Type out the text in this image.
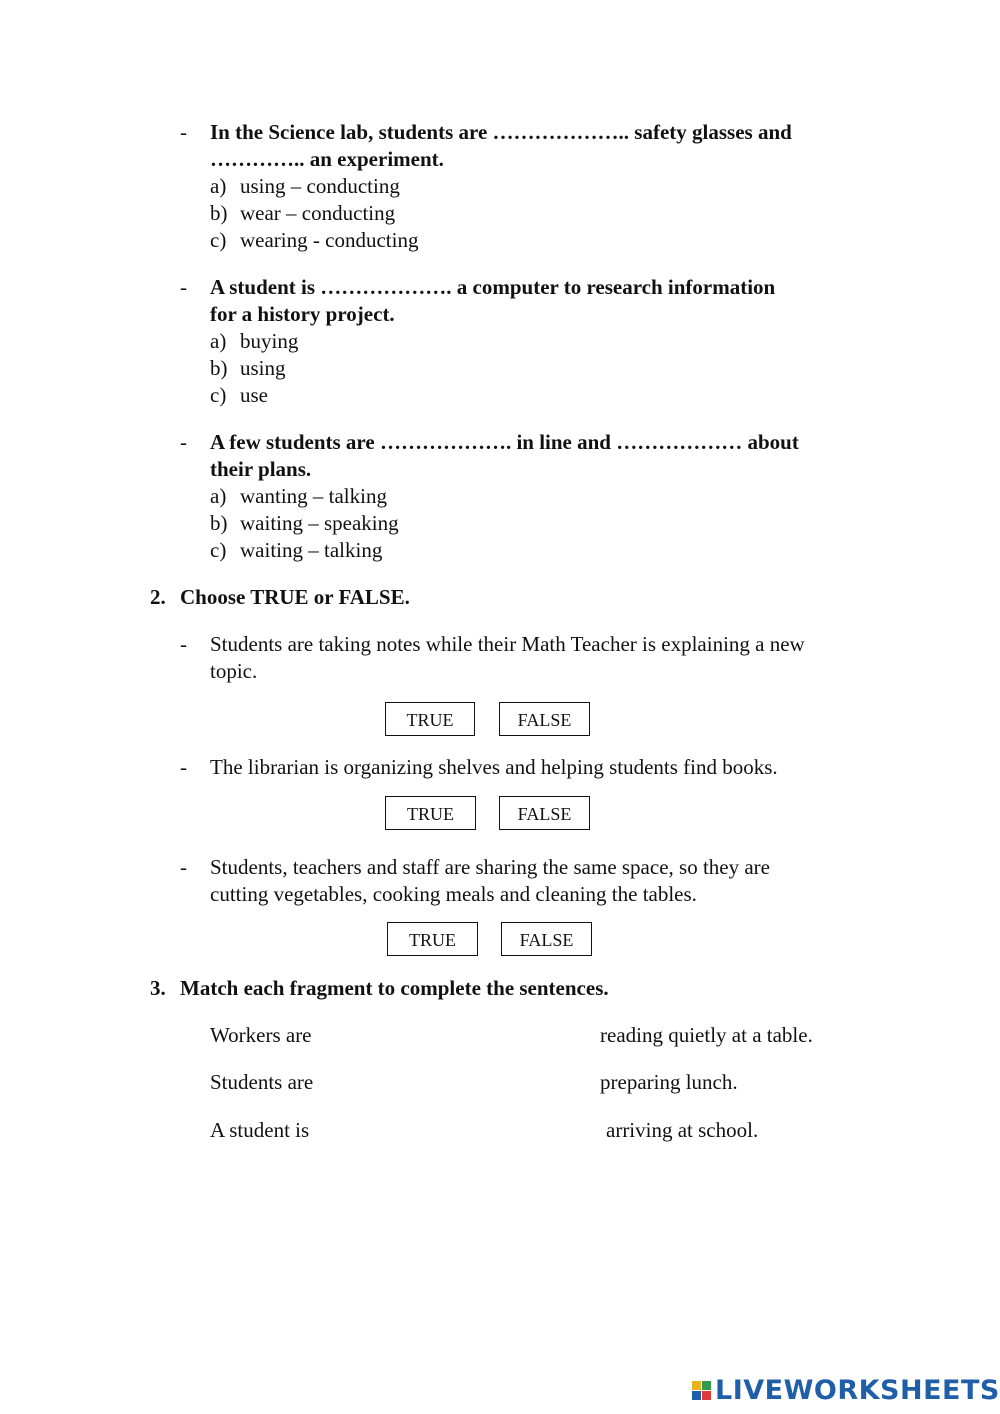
- In the Science lab, students are ……………….. safety glasses and
………….. an experiment.
a) using – conducting
b) wear – conducting
c) wearing - conducting
- A student is ………………. a computer to research information
for a history project.
a) buying
b) using
c) use
- A few students are ………………. in line and ……………… about
their plans.
a) wanting – talking
b) waiting – speaking
c) waiting – talking
2. Choose TRUE or FALSE.
- Students are taking notes while their Math Teacher is explaining a new
topic.
TRUE	FALSE
- The librarian is organizing shelves and helping students find books.
TRUE	FALSE
- Students, teachers and staff are sharing the same space, so they are
cutting vegetables, cooking meals and cleaning the tables.
TRUE	FALSE
3. Match each fragment to complete the sentences.
Workers are	reading quietly at a table.
Students are	preparing lunch.
A student is	arriving at school.
LIVEWORKSHEETS
